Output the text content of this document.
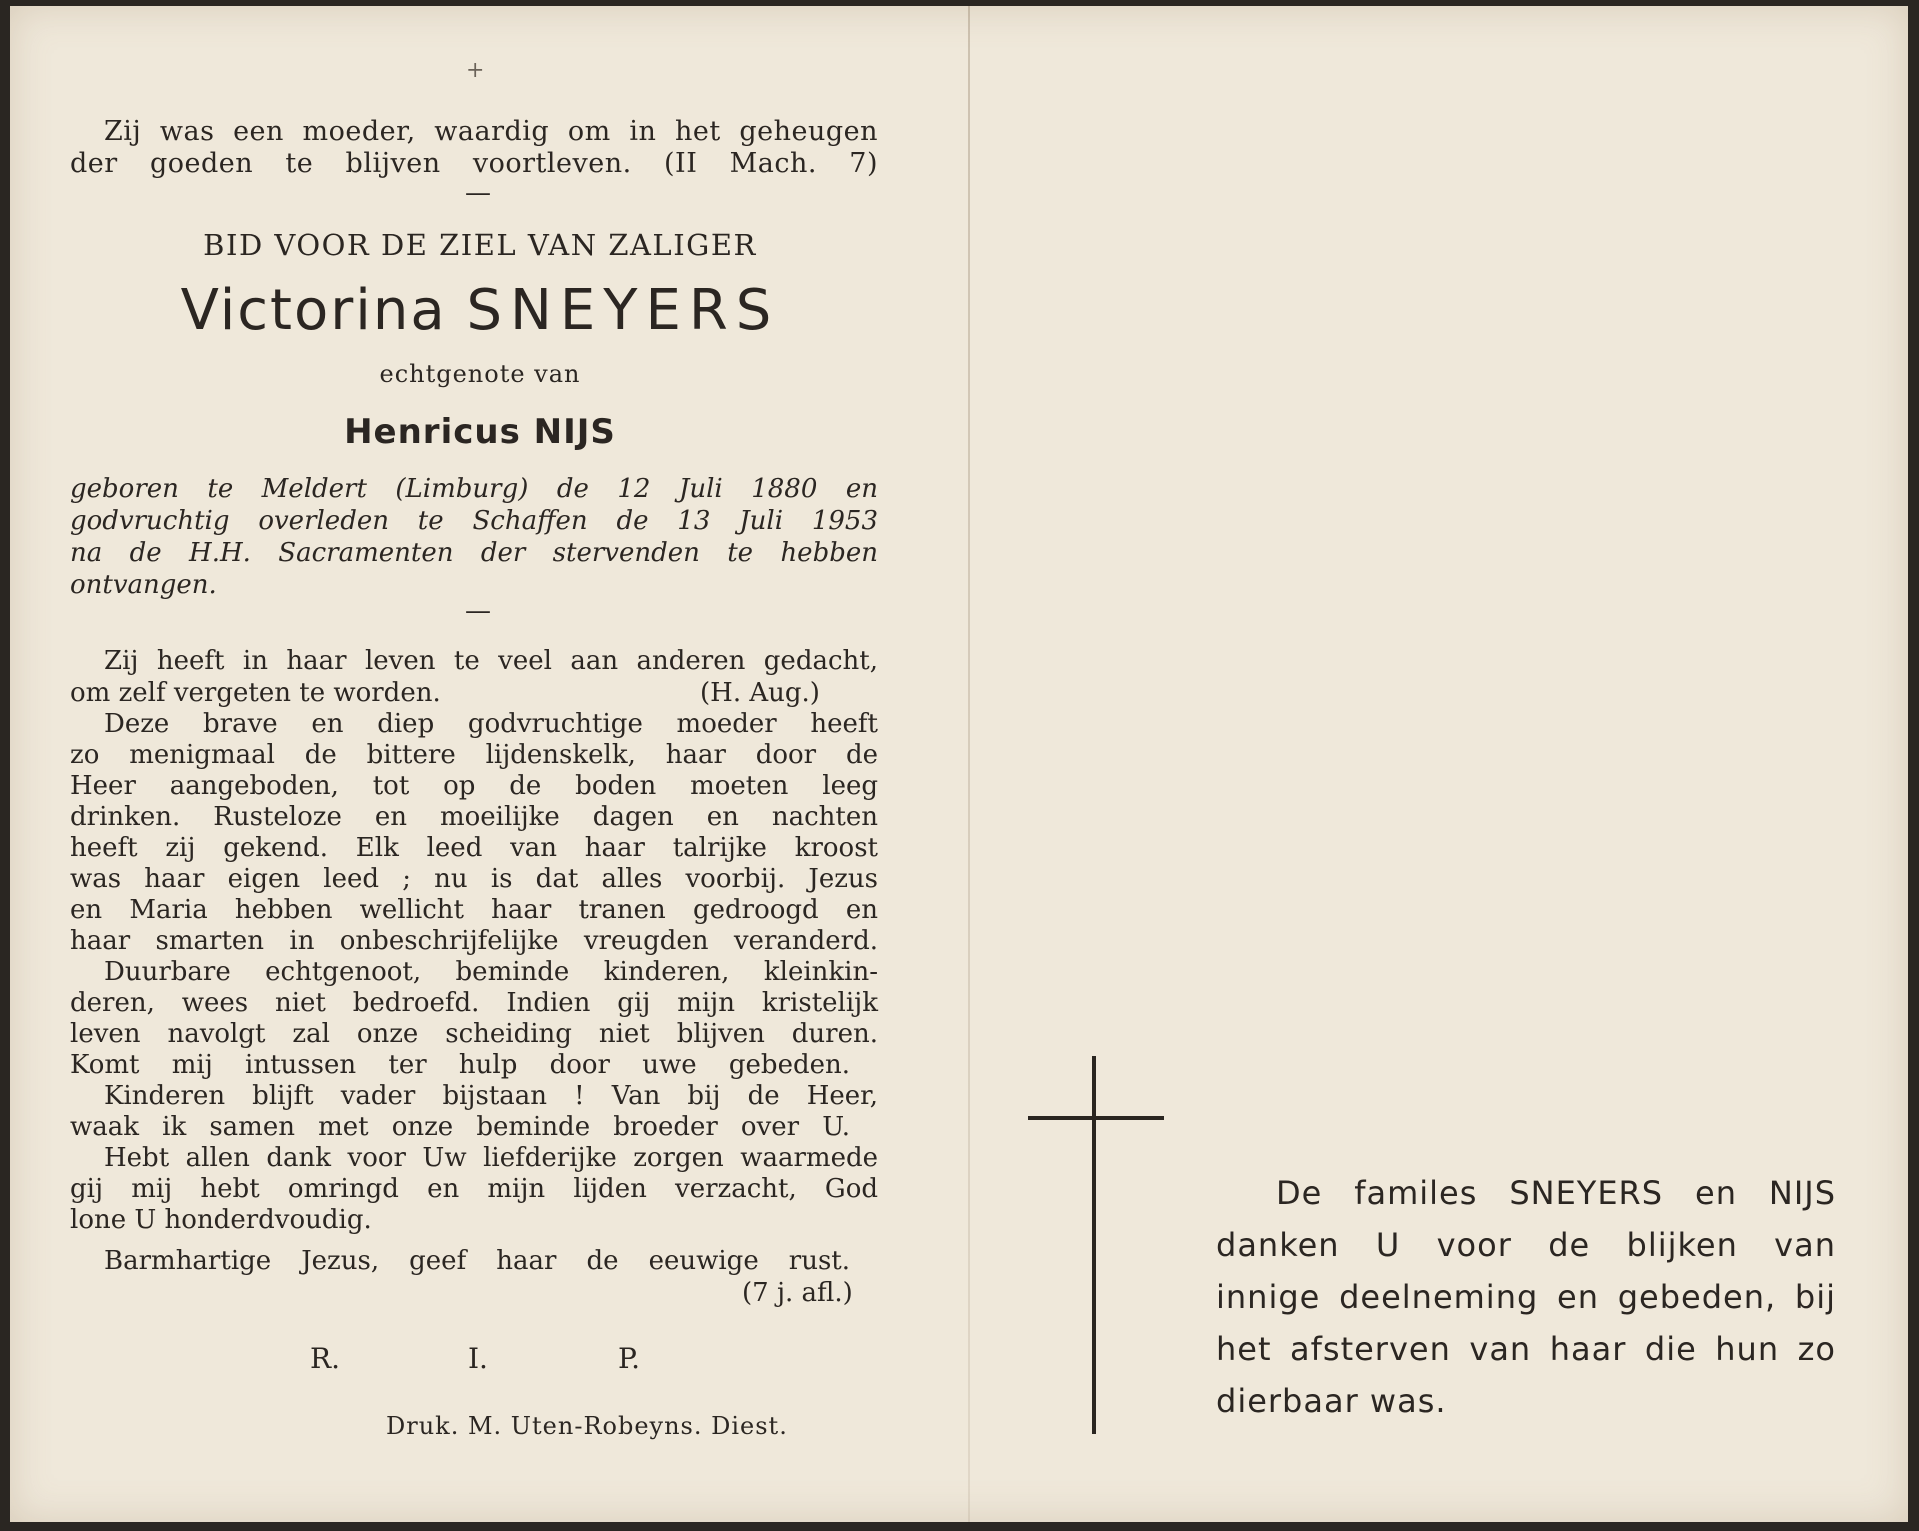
+
Zij was een moeder, waardig om in het geheugen
der goeden te blijven voortleven. (II Mach. 7)
—
BID VOOR DE ZIEL VAN ZALIGER
Victorina SNEYERS
echtgenote van
Henricus NIJS
geboren te Meldert (Limburg) de 12 Juli 1880 en
godvruchtig overleden te Schaffen de 13 Juli 1953
na de H.H. Sacramenten der stervenden te hebben
ontvangen.
—
Zij heeft in haar leven te veel aan anderen gedacht,
om zelf vergeten te worden.	(H. Aug.)
Deze brave en diep godvruchtige moeder heeft
zo menigmaal de bittere lijdenskelk, haar door de
Heer aangeboden, tot op de boden moeten leeg
drinken. Rusteloze en moeilijke dagen en nachten
heeft zij gekend. Elk leed van haar talrijke kroost
was haar eigen leed ; nu is dat alles voorbij. Jezus
en Maria hebben wellicht haar tranen gedroogd en
haar smarten in onbeschrijfelijke vreugden veranderd.
Duurbare echtgenoot, beminde kinderen, kleinkin-
deren, wees niet bedroefd. Indien gij mijn kristelijk
leven navolgt zal onze scheiding niet blijven duren.
Komt mij intussen ter hulp door uwe gebeden.
Kinderen blijft vader bijstaan ! Van bij de Heer,
waak ik samen met onze beminde broeder over U.
Hebt allen dank voor Uw liefderijke zorgen waarmede
gij mij hebt omringd en mijn lijden verzacht, God
lone U honderdvoudig.
Barmhartige Jezus, geef haar de eeuwige rust.
(7 j. afl.)
R.	I.	P.
Druk. M. Uten-Robeyns. Diest.
De familes SNEYERS en NIJS
danken U voor de blijken van
innige deelneming en gebeden, bij
het afsterven van haar die hun zo
dierbaar was.
